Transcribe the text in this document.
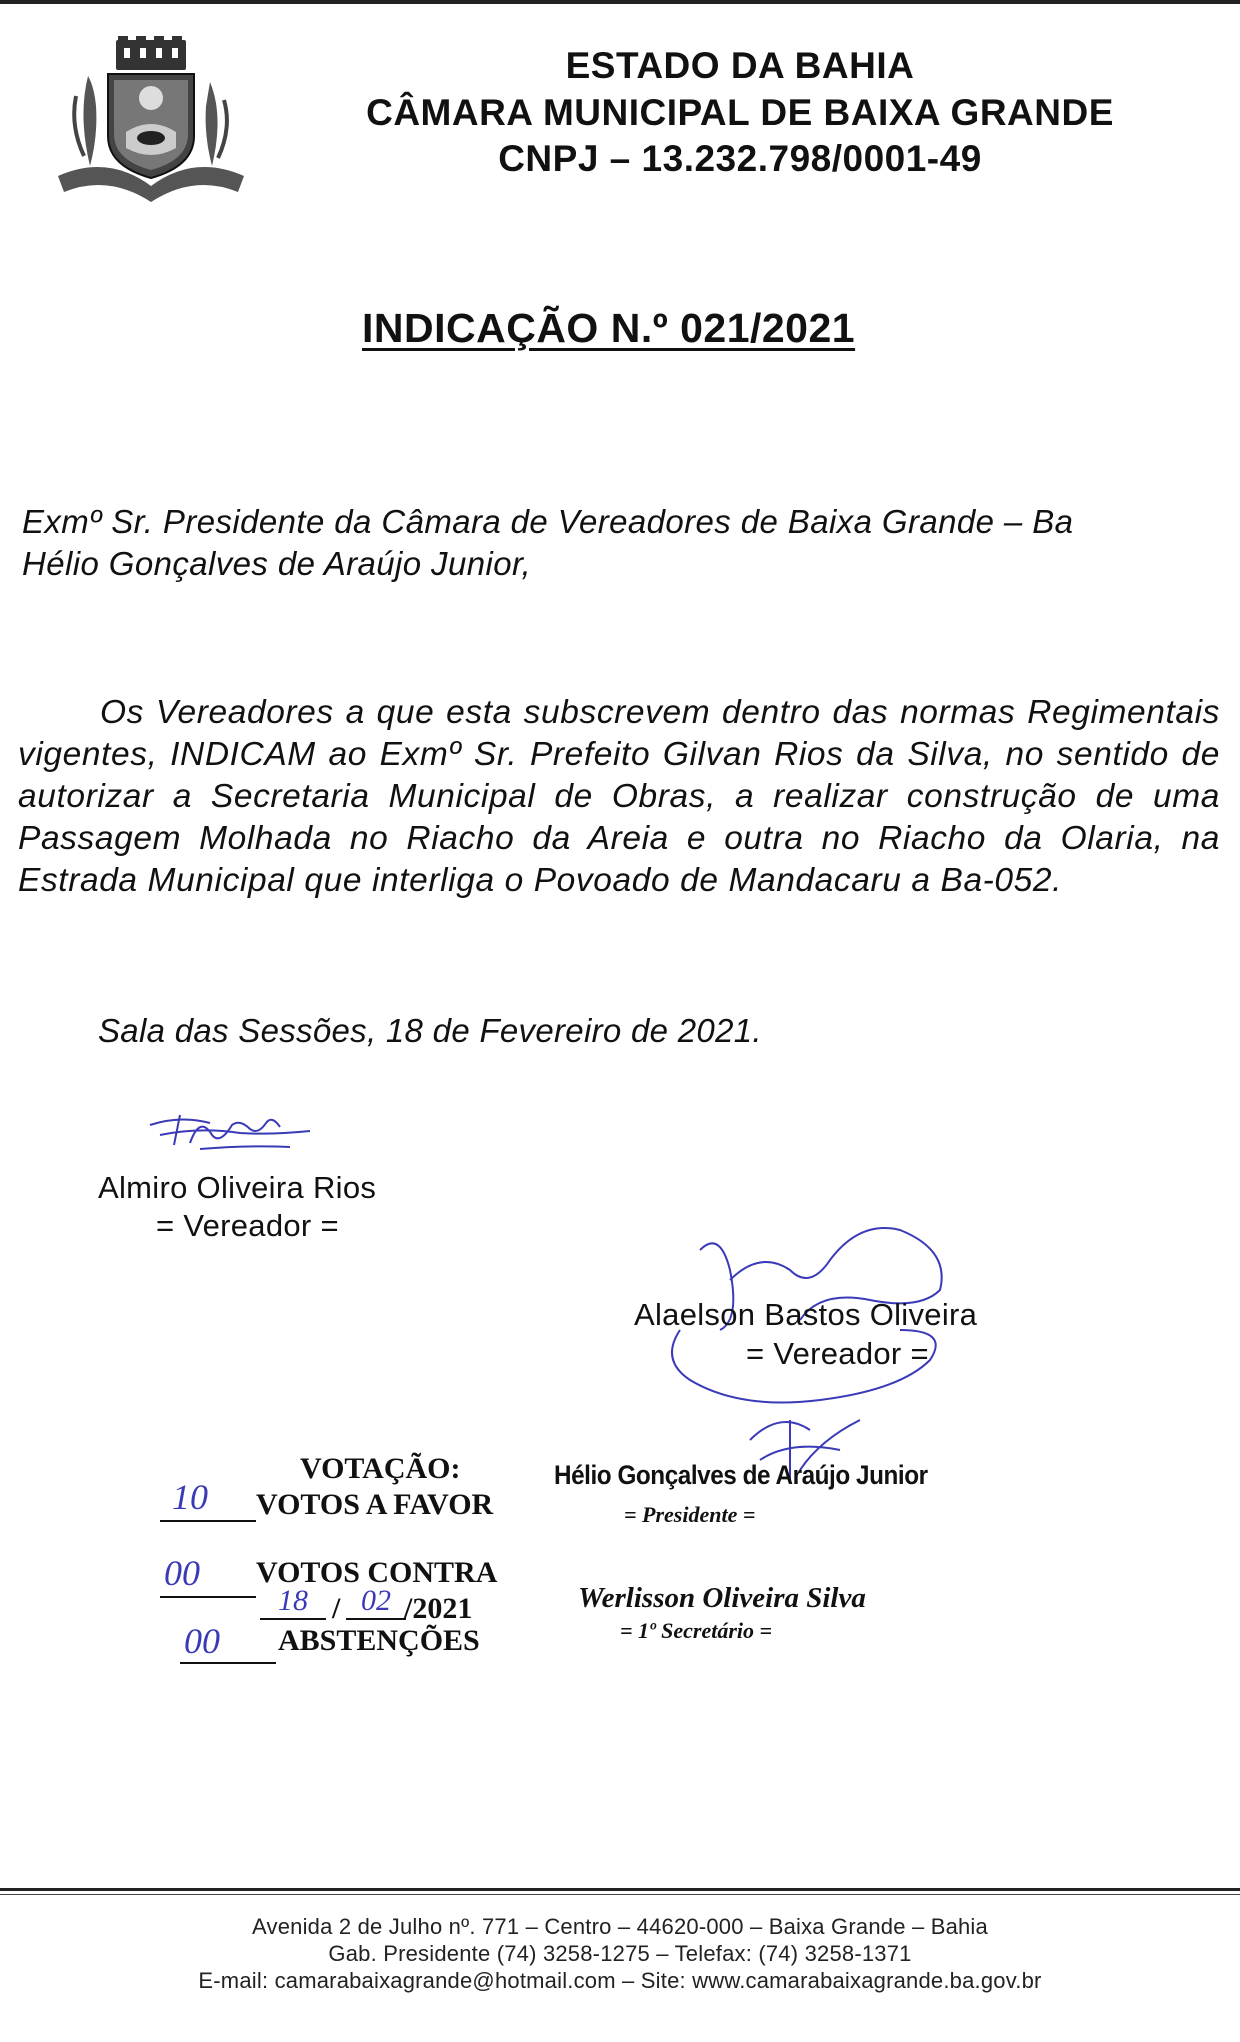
ESTADO DA BAHIA
CÂMARA MUNICIPAL DE BAIXA GRANDE
CNPJ – 13.232.798/0001-49
INDICAÇÃO N.º 021/2021
Exmº Sr. Presidente da Câmara de Vereadores de Baixa Grande – Ba
Hélio Gonçalves de Araújo Junior,

Os Vereadores a que esta subscrevem dentro das normas Regimentais vigentes, INDICAM ao Exmº Sr. Prefeito Gilvan Rios da Silva, no sentido de autorizar a Secretaria Municipal de Obras, a realizar construção de uma Passagem Molhada no Riacho da Areia e outra no Riacho da Olaria, na Estrada Municipal que interliga o Povoado de Mandacaru a Ba-052.

Sala das Sessões, 18 de Fevereiro de 2021.
Almiro Oliveira Rios
= Vereador =
Alaelson Bastos Oliveira
= Vereador =
VOTAÇÃO:
10 VOTOS A FAVOR
00 VOTOS CONTRA
18 / 02 /2021
00 ABSTENÇÕES
Hélio Gonçalves de Araújo Junior
= Presidente =
Werlisson Oliveira Silva
= 1º Secretário =
Avenida 2 de Julho nº. 771 – Centro – 44620-000 – Baixa Grande – Bahia
Gab. Presidente (74) 3258-1275 – Telefax: (74) 3258-1371
E-mail: camarabaixagrande@hotmail.com – Site: www.camarabaixagrande.ba.gov.br
